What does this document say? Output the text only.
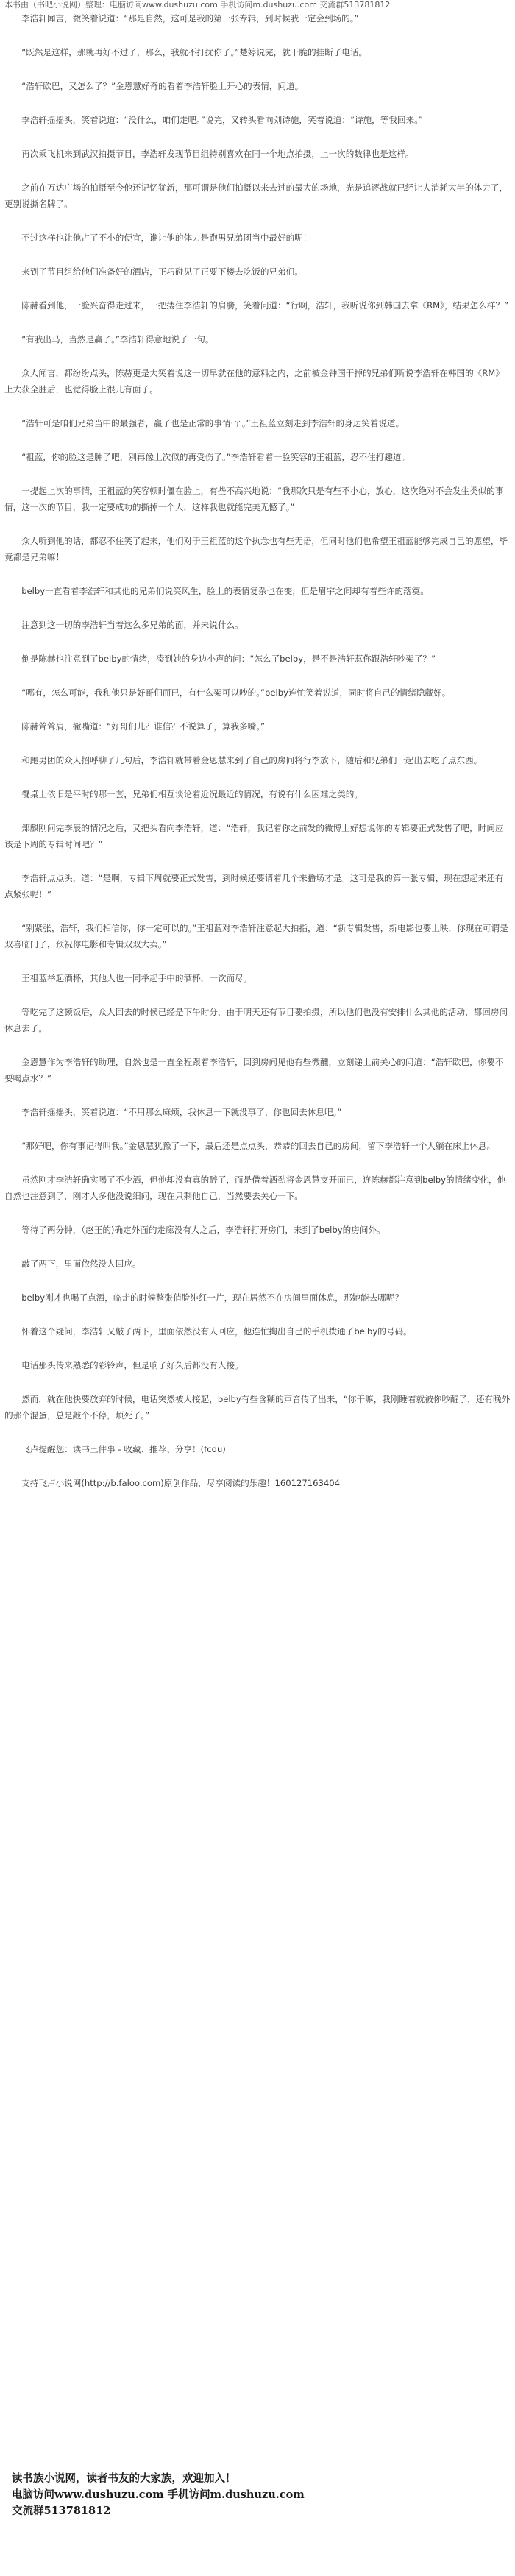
本书由（书吧小说网）整理：电脑访问www.dushuzu.com 手机访问m.dushuzu.com 交流群513781812

李浩轩闻言，微笑着说道：“那是自然，这可是我的第一张专辑，到时候我一定会到场的。”

“既然是这样，那就再好不过了，那么，我就不打扰你了。”楚婷说完，就干脆的挂断了电话。

“浩轩欧巴，又怎么了？”金恩慧好奇的看着李浩轩脸上开心的表情，问道。

李浩轩摇摇头，笑着说道：“没什么，咱们走吧。”说完，又转头看向刘诗施，笑着说道：“诗施，等我回来。”

再次乘飞机来到武汉拍摄节目，李浩轩发现节目组特别喜欢在同一个地点拍摄，上一次的数律也是这样。

之前在万达广场的拍摄至今他还记忆犹新，那可谓是他们拍摄以来去过的最大的场地，光是追逐战就已经让人消耗大半的体力了，更别说撕名牌了。

不过这样也让他占了不小的便宜，谁让他的体力是跑男兄弟团当中最好的呢！

来到了节目组给他们准备好的酒店，正巧碰见了正要下楼去吃饭的兄弟们。

陈赫看到他，一脸兴奋得走过来，一把搂住李浩轩的肩膀，笑着问道：“行啊，浩轩，我听说你到韩国去拿《RM》，结果怎么样？”

“有我出马，当然是赢了。”李浩轩得意地说了一句。

众人闻言，都纷纷点头，陈赫更是大笑着说这一切早就在他的意料之内，之前被金钟国干掉的兄弟们听说李浩轩在韩国的《RM》上大获全胜后，也觉得脸上很儿有面子。

“浩轩可是咱们兄弟当中的最强者，赢了也是正常的事情·ㄚ。”王祖蓝立刻走到李浩轩的身边笑着说道。

“祖蓝，你的脸这是肿了吧，别再像上次似的再受伤了。”李浩轩看着一脸笑容的王祖蓝，忍不住打趣道。

一提起上次的事情，王祖蓝的笑容顿时僵在脸上，有些不高兴地说：“我那次只是有些不小心，放心，这次绝对不会发生类似的事情，这一次的节目，我一定要成功的撕掉一个人，这样我也就能完美无憾了。”

众人听到他的话，都忍不住笑了起来，他们对于王祖蓝的这个执念也有些无语，但同时他们也希望王祖蓝能够完成自己的愿望，毕竟都是兄弟嘛！

belby一直看着李浩轩和其他的兄弟们说笑风生，脸上的表情复杂也在变，但是眉宇之间却有着些许的落寞。

注意到这一切的李浩轩当着这么多兄弟的面，并未说什么。

倒是陈赫也注意到了belby的情绪，凑到她的身边小声的问：“怎么了belby，是不是浩轩惹你跟浩轩吵架了？”

“哪有，怎么可能，我和他只是好哥们而已，有什么架可以吵的。”belby连忙笑着说道，同时将自己的情绪隐藏好。

陈赫耸耸肩，撇嘴道：“好哥们儿？谁信？不说算了，算我多嘴。”

和跑男团的众人招呼聊了几句后，李浩轩就带着金恩慧来到了自己的房间将行李放下，随后和兄弟们一起出去吃了点东西。

餐桌上依旧是平时的那一套，兄弟们相互谈论着近况最近的情况，有说有什么困难之类的。

郑麒刚问完李辰的情况之后，又把头看向李浩轩，道：“浩轩，我记着你之前发的微博上好想说你的专辑要正式发售了吧，时间应该是下周的专辑时间吧？”

李浩轩点点头，道：“是啊，专辑下周就要正式发售，到时候还要请着几个来播场才是。这可是我的第一张专辑，现在想起来还有点紧张呢！”

“别紧张，浩轩，我们相信你，你一定可以的。”王祖蓝对李浩轩注意起大拍指，道：“新专辑发售，新电影也要上映，你现在可谓是双喜临门了，预祝你电影和专辑双双大卖。”

王祖蓝举起酒杯，其他人也一同举起手中的酒杯，一饮而尽。

等吃完了这顿饭后，众人回去的时候已经是下午时分，由于明天还有节目要拍摄，所以他们也没有安排什么其他的活动，都回房间休息去了。

金恩慧作为李浩轩的助理，自然也是一直全程跟着李浩轩，回到房间见他有些微醺，立刻递上前关心的问道：“浩轩欧巴，你要不要喝点水？”

李浩轩摇摇头，笑着说道：“不用那么麻烦，我休息一下就没事了，你也回去休息吧。”

“那好吧，你有事记得叫我。”金恩慧犹豫了一下，最后还是点点头，恭恭的回去自己的房间，留下李浩轩一个人躺在床上休息。

虽然刚才李浩轩确实喝了不少酒，但他却没有真的醉了，而是借着酒劲将金恩慧支开而已，连陈赫都注意到belby的情绪变化，他自然也注意到了，刚才人多他没说细问，现在只剩他自己，当然要去关心一下。

等待了两分钟，（赵王的)确定外面的走廊没有人之后，李浩轩打开房门，来到了belby的房间外。

敲了两下，里面依然没人回应。

belby刚才也喝了点酒，临走的时候整张俏脸绯红一片，现在居然不在房间里面休息，那她能去哪呢？

怀着这个疑问，李浩轩又敲了两下，里面依然没有人回应，他连忙掏出自己的手机拨通了belby的号码。

电话那头传来熟悉的彩铃声，但是响了好久后都没有人接。

然而，就在他快要放弃的时候，电话突然被人接起，belby有些含糊的声音传了出来，“你干嘛，我刚睡着就被你吵醒了，还有晚外的那个混蛋，总是敲个不停，烦死了。”

飞卢提醒您：读书三件事 - 收藏、推荐、分享！(fcdu)

支持飞卢小说网(http://b.faloo.com)原创作品，尽享阅读的乐趣！160127163404

读书族小说网，读者书友的大家族，欢迎加入！
电脑访问www.dushuzu.com 手机访问m.dushuzu.com
交流群513781812
